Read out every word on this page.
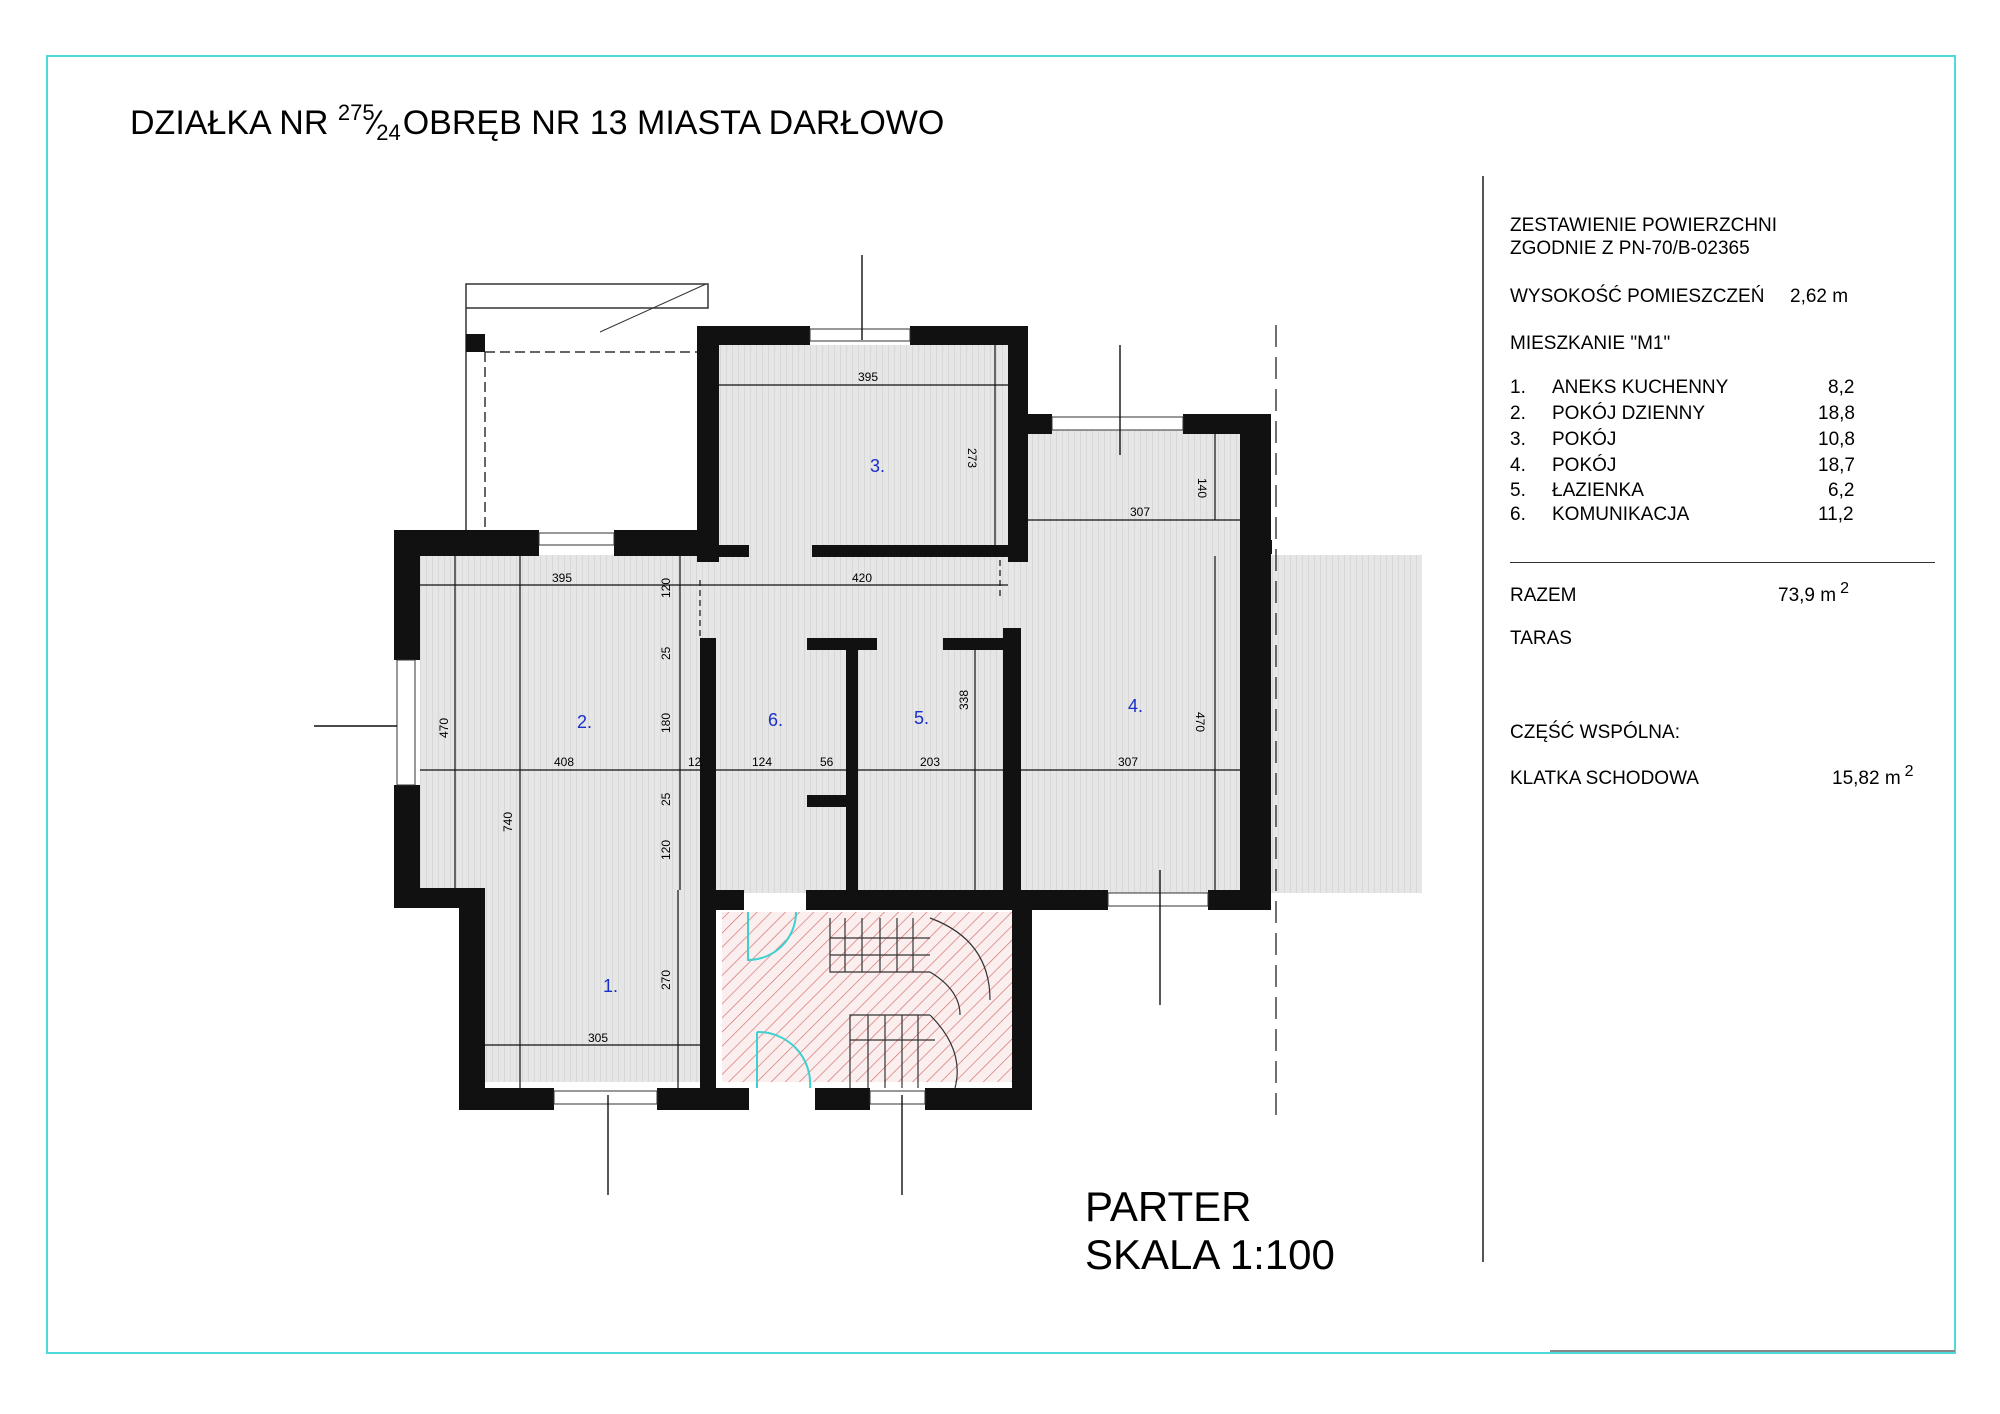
DZIAŁKA NR $^{275}$⁄24OBRĘB NR 13 MIASTA DARŁOWO
1.
2.
3.
4.
5.
6.
395
273
140
307
395	420
120
25
180
470
408	12	124	56	203
338
307
470
740
25
120
270
305
ZESTAWIENIE POWIERZCHNI
ZGODNIE Z PN-70/B-02365
WYSOKOŚĆ POMIESZCZEŃ 2,62 m
MIESZKANIE "M1"
1. ANEKS KUCHENNY	8,2
2. POKÓJ DZIENNY	18,8
3. POKÓJ	10,8
4. POKÓJ	18,7
5. ŁAZIENKA	6,2
6. KOMUNIKACJA	11,2
RAZEM	73,9 m $^2$
TARAS
CZĘŚĆ WSPÓLNA:
KLATKA SCHODOWA	15,82 m $^2$
PARTER
SKALA 1:100
